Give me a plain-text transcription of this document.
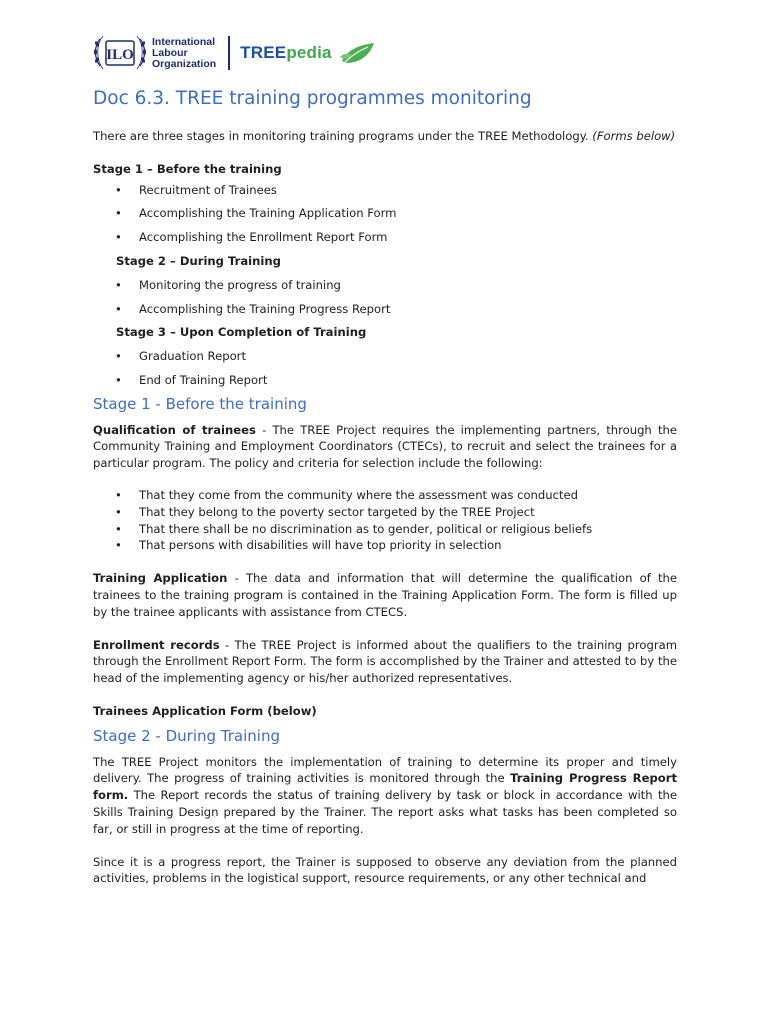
ILO
International
Labour
Organization
TREEpedia
Doc 6.3. TREE training programmes monitoring

There are three stages in monitoring training programs under the TREE Methodology. (Forms below)

Stage 1 – Before the training

•	Recruitment of Trainees
•	Accomplishing the Training Application Form
•	Accomplishing the Enrollment Report Form

Stage 2 – During Training

•	Monitoring the progress of training
•	Accomplishing the Training Progress Report

Stage 3 – Upon Completion of Training

•	Graduation Report
•	End of Training Report

Stage 1 - Before the training

Qualification of trainees - The TREE Project requires the implementing partners, through the Community Training and Employment Coordinators (CTECs), to recruit and select the trainees for a particular program. The policy and criteria for selection include the following:

•	That they come from the community where the assessment was conducted
•	That they belong to the poverty sector targeted by the TREE Project
•	That there shall be no discrimination as to gender, political or religious beliefs
•	That persons with disabilities will have top priority in selection

Training Application - The data and information that will determine the qualification of the trainees to the training program is contained in the Training Application Form. The form is filled up by the trainee applicants with assistance from CTECS.

Enrollment records - The TREE Project is informed about the qualifiers to the training program through the Enrollment Report Form. The form is accomplished by the Trainer and attested to by the head of the implementing agency or his/her authorized representatives.

Trainees Application Form (below)

Stage 2 - During Training

The TREE Project monitors the implementation of training to determine its proper and timely delivery. The progress of training activities is monitored through the Training Progress Report form. The Report records the status of training delivery by task or block in accordance with the Skills Training Design prepared by the Trainer. The report asks what tasks has been completed so far, or still in progress at the time of reporting.

Since it is a progress report, the Trainer is supposed to observe any deviation from the planned activities, problems in the logistical support, resource requirements, or any other technical and
